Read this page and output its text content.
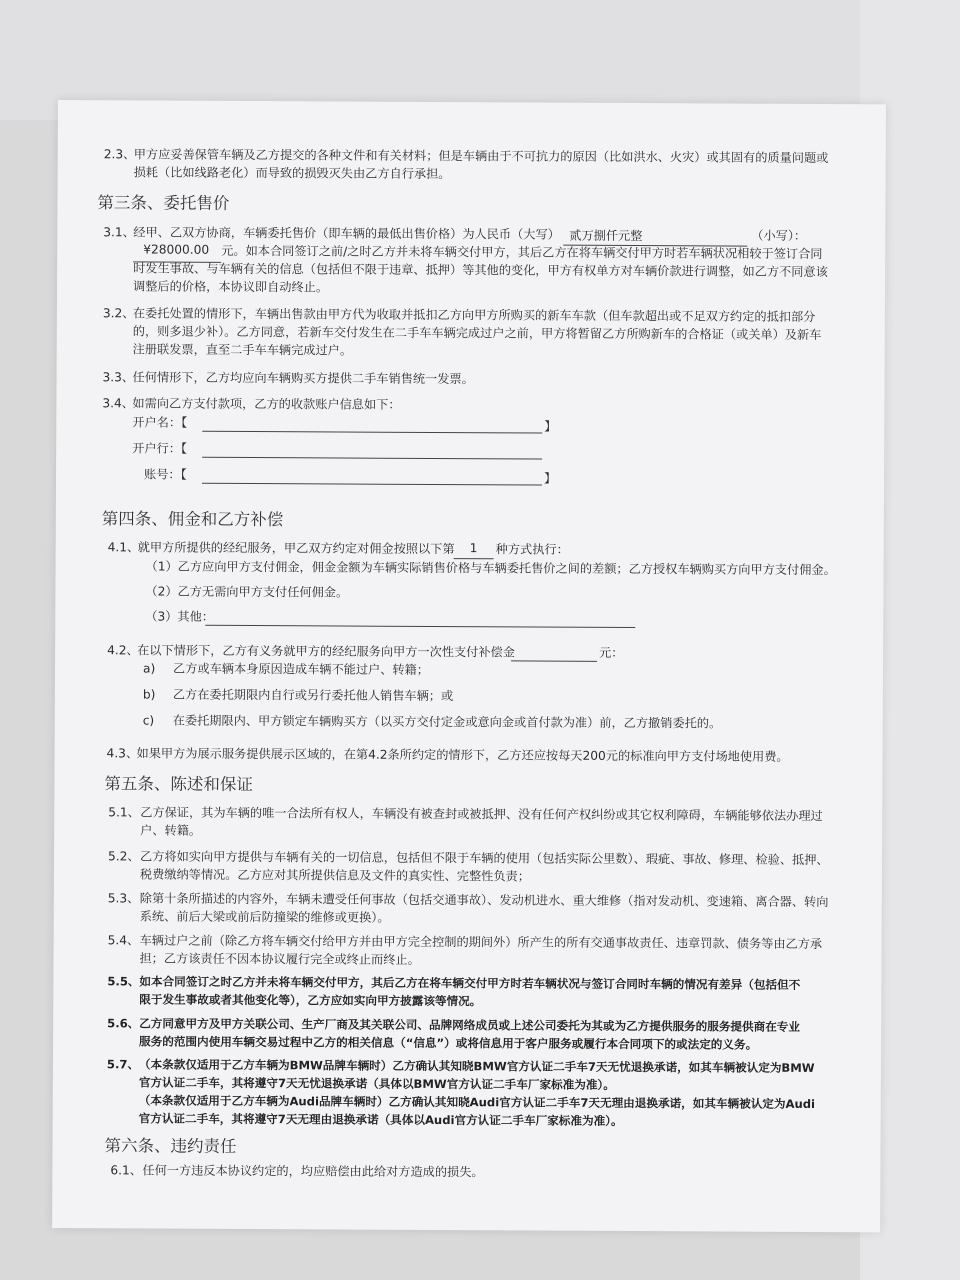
2.3、
甲方应妥善保管车辆及乙方提交的各种文件和有关材料；但是车辆由于不可抗力的原因（比如洪水、火灾）或其固有的质量问题或
损耗（比如线路老化）而导致的损毁灭失由乙方自行承担。
第三条、委托售价
3.1、
经甲、乙双方协商，车辆委托售价（即车辆的最低出售价格）为人民币（大写） 贰万捌仟元整	（小写）：
¥28000.00 元。如本合同签订之前/之时乙方并未将车辆交付甲方，其后乙方在将车辆交付甲方时若车辆状况相较于签订合同
时发生事故、与车辆有关的信息（包括但不限于违章、抵押）等其他的变化，甲方有权单方对车辆价款进行调整，如乙方不同意该
调整后的价格，本协议即自动终止。
3.2、
在委托处置的情形下，车辆出售款由甲方代为收取并抵扣乙方向甲方所购买的新车车款（但车款超出或不足双方约定的抵扣部分
的，则多退少补）。乙方同意，若新车交付发生在二手车车辆完成过户之前，甲方将暂留乙方所购新车的合格证（或关单）及新车
注册联发票，直至二手车车辆完成过户。
3.3、
任何情形下，乙方均应向车辆购买方提供二手车销售统一发票。
3.4、
如需向乙方支付款项，乙方的收款账户信息如下：
开户名：【	】
开户行：【
账号：【	】
第四条、佣金和乙方补偿
4.1、
就甲方所提供的经纪服务，甲乙双方约定对佣金按照以下第 1 种方式执行：
（1）乙方应向甲方支付佣金，佣金金额为车辆实际销售价格与车辆委托售价之间的差额；乙方授权车辆购买方向甲方支付佣金。
（2）乙方无需向甲方支付任何佣金。
（3）其他：
4.2、
在以下情形下，乙方有义务就甲方的经纪服务向甲方一次性支付补偿金	元：
a) 乙方或车辆本身原因造成车辆不能过户、转籍；
b) 乙方在委托期限内自行或另行委托他人销售车辆；或
c) 在委托期限内、甲方锁定车辆购买方（以买方交付定金或意向金或首付款为准）前，乙方撤销委托的。
4.3、
如果甲方为展示服务提供展示区域的，在第4.2条所约定的情形下，乙方还应按每天200元的标准向甲方支付场地使用费。
第五条、陈述和保证
5.1、 乙方保证，其为车辆的唯一合法所有权人，车辆没有被查封或被抵押、没有任何产权纠纷或其它权利障碍，车辆能够依法办理过
户、转籍。
5.2、 乙方将如实向甲方提供与车辆有关的一切信息，包括但不限于车辆的使用（包括实际公里数）、瑕疵、事故、修理、检验、抵押、
税费缴纳等情况。乙方应对其所提供信息及文件的真实性、完整性负责；
5.3、 除第十条所描述的内容外，车辆未遭受任何事故（包括交通事故）、发动机进水、重大维修（指对发动机、变速箱、离合器、转向
系统、前后大梁或前后防撞梁的维修或更换）。
5.4、 车辆过户之前（除乙方将车辆交付给甲方并由甲方完全控制的期间外）所产生的所有交通事故责任、违章罚款、债务等由乙方承
担；乙方该责任不因本协议履行完全或终止而终止。
5.5、 如本合同签订之时乙方并未将车辆交付甲方，其后乙方在将车辆交付甲方时若车辆状况与签订合同时车辆的情况有差异（包括但不
限于发生事故或者其他变化等），乙方应如实向甲方披露该等情况。
5.6、 乙方同意甲方及甲方关联公司、生产厂商及其关联公司、品牌网络成员或上述公司委托为其或为乙方提供服务的服务提供商在专业
服务的范围内使用车辆交易过程中乙方的相关信息（“信息”）或将信息用于客户服务或履行本合同项下的或法定的义务。
5.7、 （本条款仅适用于乙方车辆为BMW品牌车辆时）乙方确认其知晓BMW官方认证二手车7天无忧退换承诺，如其车辆被认定为BMW
官方认证二手车，其将遵守7天无忧退换承诺（具体以BMW官方认证二手车厂家标准为准）。
（本条款仅适用于乙方车辆为Audi品牌车辆时）乙方确认其知晓Audi官方认证二手车7天无理由退换承诺，如其车辆被认定为Audi
官方认证二手车，其将遵守7天无理由退换承诺（具体以Audi官方认证二手车厂家标准为准）。
第六条、违约责任
6.1、 任何一方违反本协议约定的，均应赔偿由此给对方造成的损失。
